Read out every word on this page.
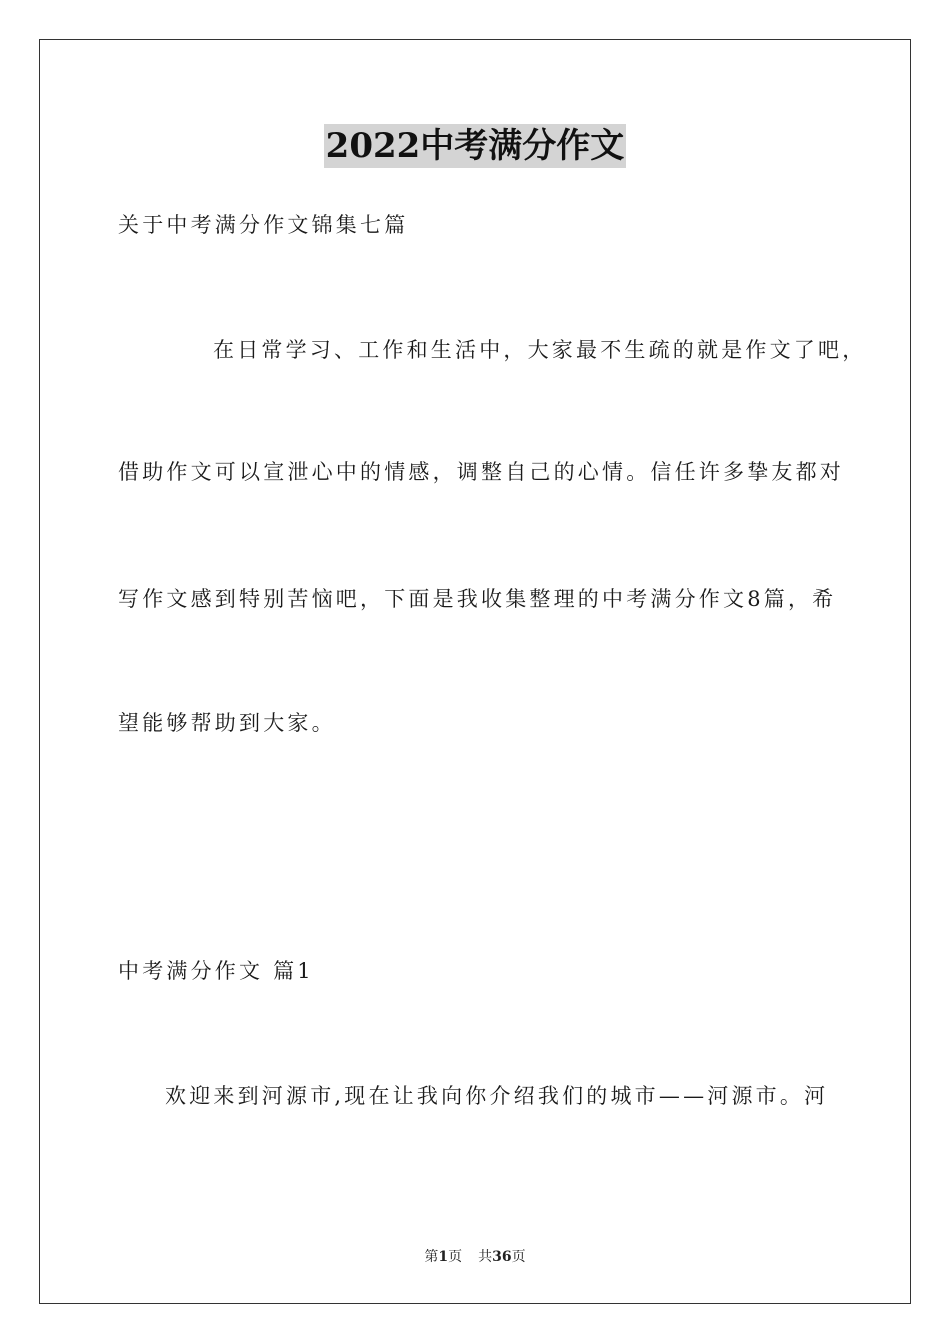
2022中考满分作文
关于中考满分作文锦集七篇
在日常学习、工作和生活中，大家最不生疏的就是作文了吧，
借助作文可以宣泄心中的情感，调整自己的心情。信任许多挚友都对
写作文感到特别苦恼吧，下面是我收集整理的中考满分作文8篇，希
望能够帮助到大家。
中考满分作文 篇1
欢迎来到河源市,现在让我向你介绍我们的城市——河源市。河
第1页 共36页
